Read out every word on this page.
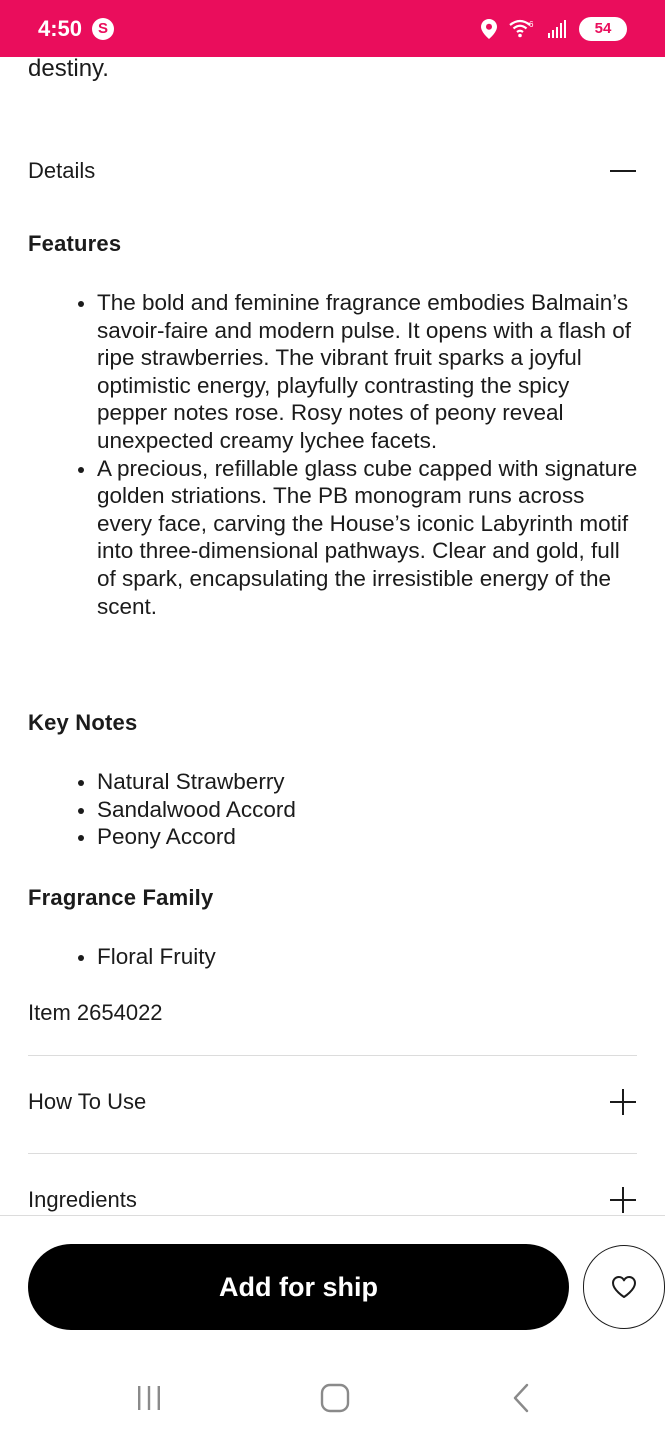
4:50	S	6	54
destiny.
Details
Features
The bold and feminine fragrance embodies Balmain’s savoir-faire and modern pulse. It opens with a flash of ripe strawberries. The vibrant fruit sparks a joyful optimistic energy, playfully contrasting the spicy pepper notes rose. Rosy notes of peony reveal unexpected creamy lychee facets.
A precious, refillable glass cube capped with signature golden striations. The PB monogram runs across every face, carving the House’s iconic Labyrinth motif into three-dimensional pathways. Clear and gold, full of spark, encapsulating the irresistible energy of the scent.
Key Notes
Natural Strawberry
Sandalwood Accord
Peony Accord
Fragrance Family
Floral Fruity
Item 2654022
How To Use
Ingredients
Add for ship
